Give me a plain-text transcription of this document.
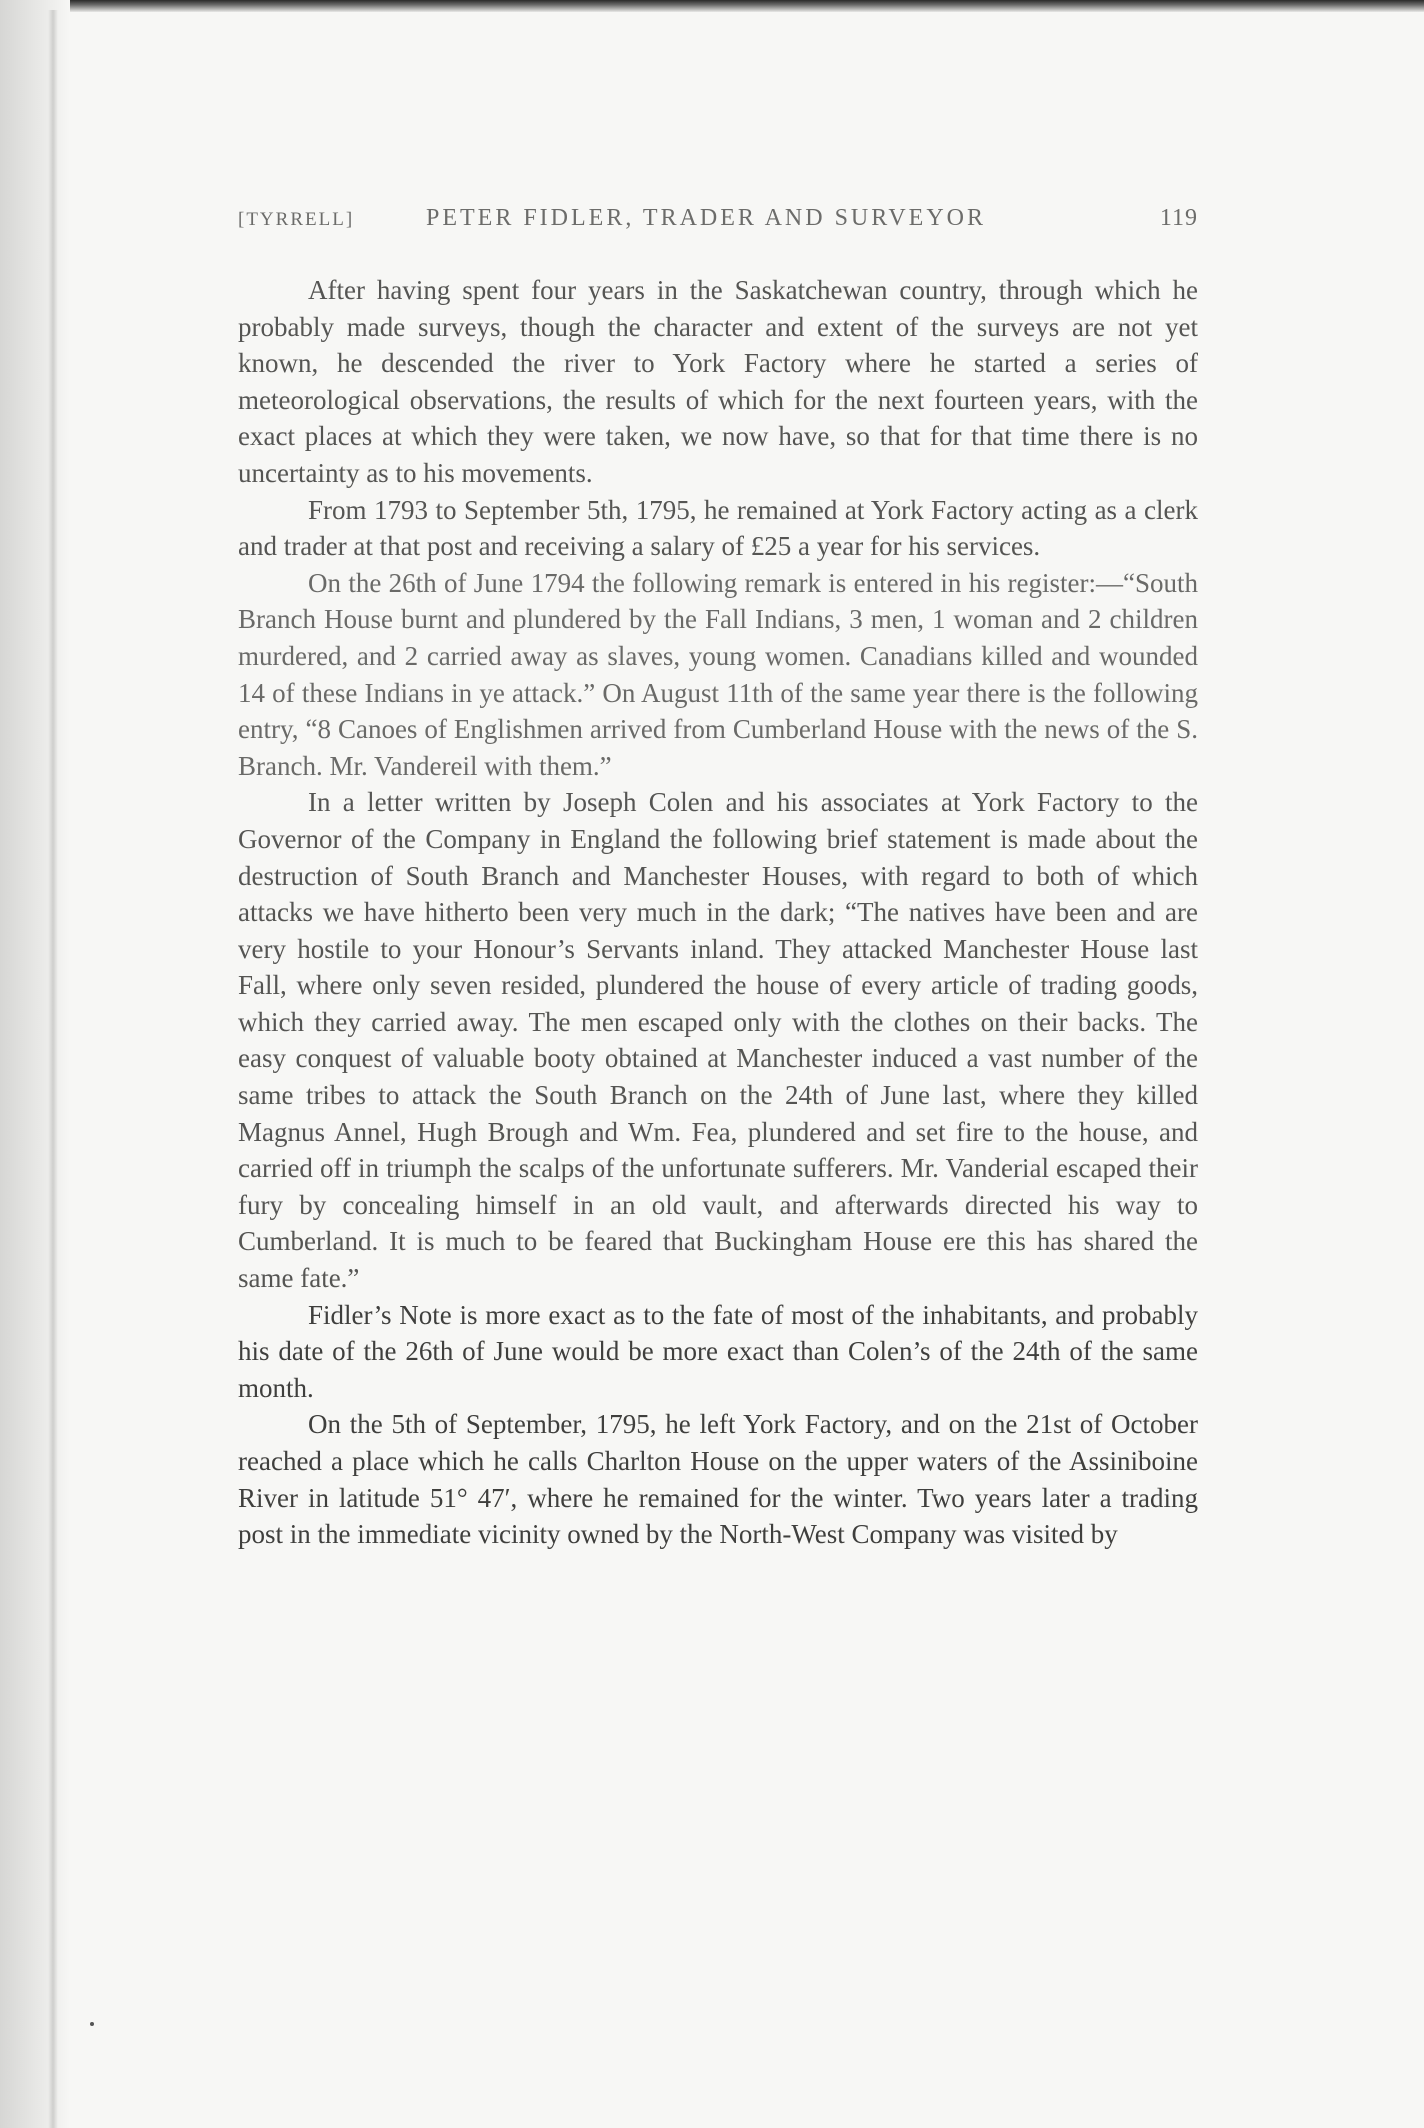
[TYRRELL]	PETER FIDLER, TRADER AND SURVEYOR	119

After having spent four years in the Saskatchewan country, through which he probably made surveys, though the character and extent of the surveys are not yet known, he descended the river to York Factory where he started a series of meteorological observations, the results of which for the next fourteen years, with the exact places at which they were taken, we now have, so that for that time there is no uncertainty as to his movements.

From 1793 to September 5th, 1795, he remained at York Factory acting as a clerk and trader at that post and receiving a salary of £25 a year for his services.

On the 26th of June 1794 the following remark is entered in his register:—“South Branch House burnt and plundered by the Fall Indians, 3 men, 1 woman and 2 children murdered, and 2 carried away as slaves, young women. Canadians killed and wounded 14 of these Indians in ye attack.” On August 11th of the same year there is the following entry, “8 Canoes of Englishmen arrived from Cumberland House with the news of the S. Branch. Mr. Vandereil with them.”

In a letter written by Joseph Colen and his associates at York Factory to the Governor of the Company in England the following brief statement is made about the destruction of South Branch and Manchester Houses, with regard to both of which attacks we have hitherto been very much in the dark; “The natives have been and are very hostile to your Honour’s Servants inland. They attacked Manchester House last Fall, where only seven resided, plundered the house of every article of trading goods, which they carried away. The men escaped only with the clothes on their backs. The easy conquest of valuable booty obtained at Manchester induced a vast number of the same tribes to attack the South Branch on the 24th of June last, where they killed Magnus Annel, Hugh Brough and Wm. Fea, plundered and set fire to the house, and carried off in triumph the scalps of the unfortunate sufferers. Mr. Vanderial escaped their fury by concealing himself in an old vault, and afterwards directed his way to Cumberland. It is much to be feared that Buckingham House ere this has shared the same fate.”

Fidler’s Note is more exact as to the fate of most of the inhabitants, and probably his date of the 26th of June would be more exact than Colen’s of the 24th of the same month.

On the 5th of September, 1795, he left York Factory, and on the 21st of October reached a place which he calls Charlton House on the upper waters of the Assiniboine River in latitude 51° 47′, where he remained for the winter. Two years later a trading post in the immediate vicinity owned by the North-West Company was visited by
